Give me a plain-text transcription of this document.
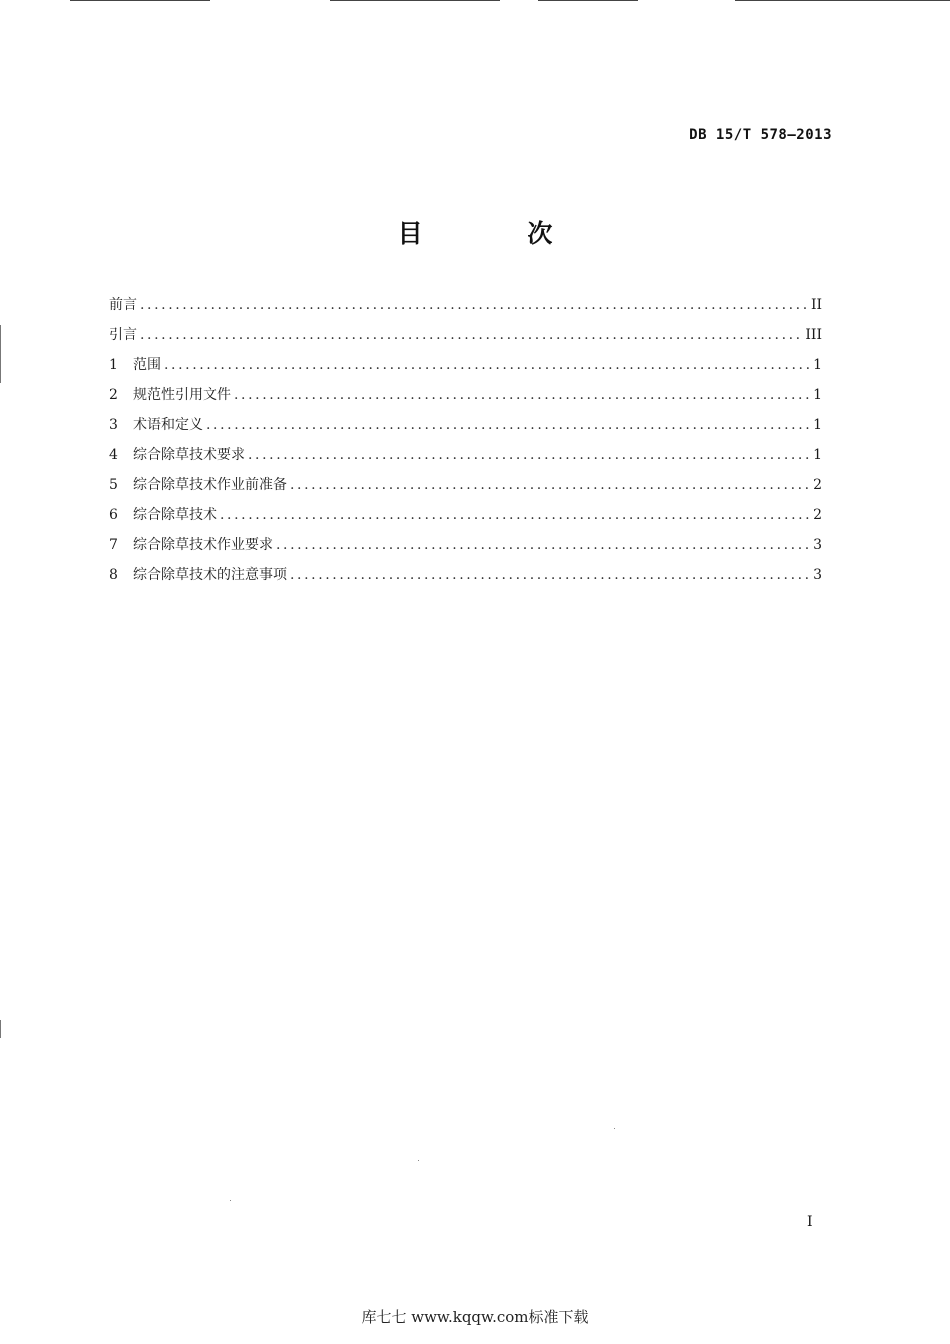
DB 15/T 578—2013
目 次
前言 .....	II
引言 .....	III
1	范围 .....	1
2	规范性引用文件 .....	1
3	术语和定义 .....	1
4	综合除草技术要求 .....	1
5	综合除草技术作业前准备 .....	2
6	综合除草技术 .....	2
7	综合除草技术作业要求 .....	3
8	综合除草技术的注意事项 .....	3
I
库七七 www.kqqw.com标准下载
